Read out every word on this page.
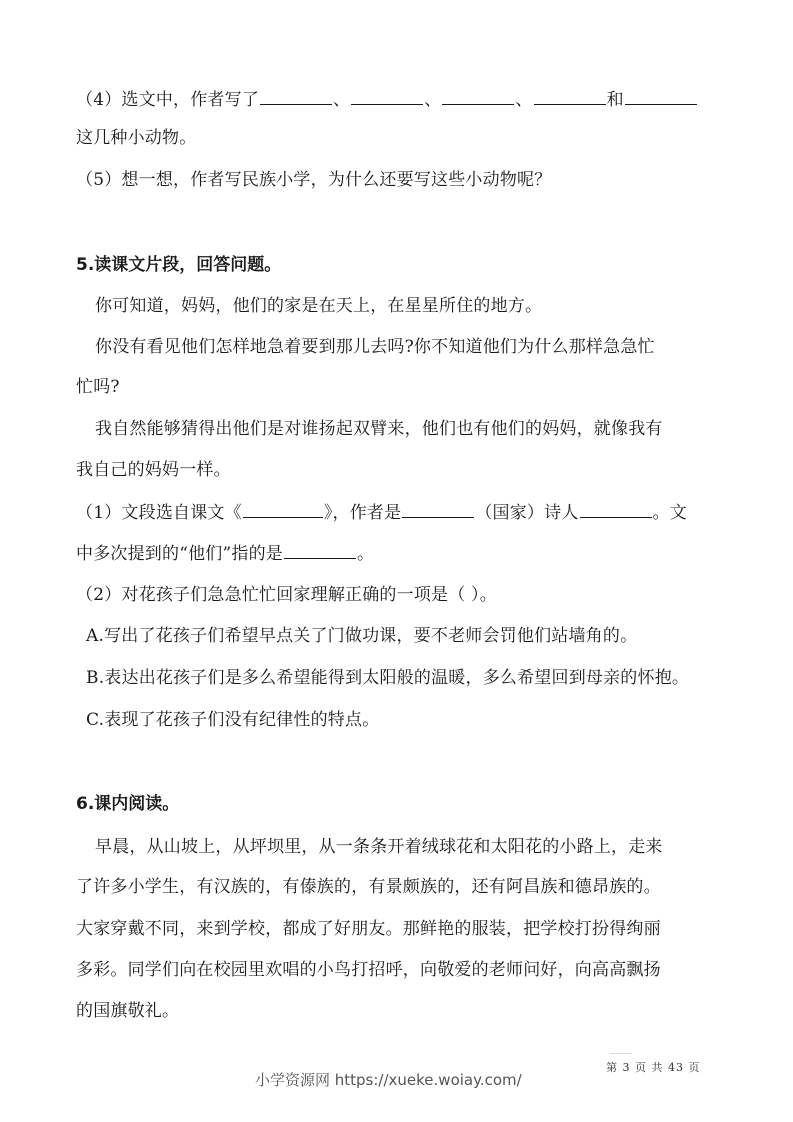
（4）选文中，作者写了	、	、	、	和
这几种小动物。
（5）想一想，作者写民族小学，为什么还要写这些小动物呢？
5.读课文片段，回答问题。
你可知道，妈妈，他们的家是在天上，在星星所住的地方。
你没有看见他们怎样地急着要到那儿去吗?你不知道他们为什么那样急急忙
忙吗?
我自然能够猜得出他们是对谁扬起双臂来，他们也有他们的妈妈，就像我有
我自己的妈妈一样。
（1）文段选自课文《	》，作者是	（国家）诗人	。文
中多次提到的“他们”指的是	。
（2）对花孩子们急急忙忙回家理解正确的一项是（ ）。
A.写出了花孩子们希望早点关了门做功课，要不老师会罚他们站墙角的。
B.表达出花孩子们是多么希望能得到太阳般的温暖，多么希望回到母亲的怀抱。
C.表现了花孩子们没有纪律性的特点。
6.课内阅读。
早晨，从山坡上，从坪坝里，从一条条开着绒球花和太阳花的小路上，走来
了许多小学生，有汉族的，有傣族的，有景颇族的，还有阿昌族和德昂族的。
大家穿戴不同，来到学校，都成了好朋友。那鲜艳的服装，把学校打扮得绚丽
多彩。同学们向在校园里欢唱的小鸟打招呼，向敬爱的老师问好，向高高飘扬
的国旗敬礼。
第 3 页 共 43 页
小学资源网 https://xueke.woiay.com/
